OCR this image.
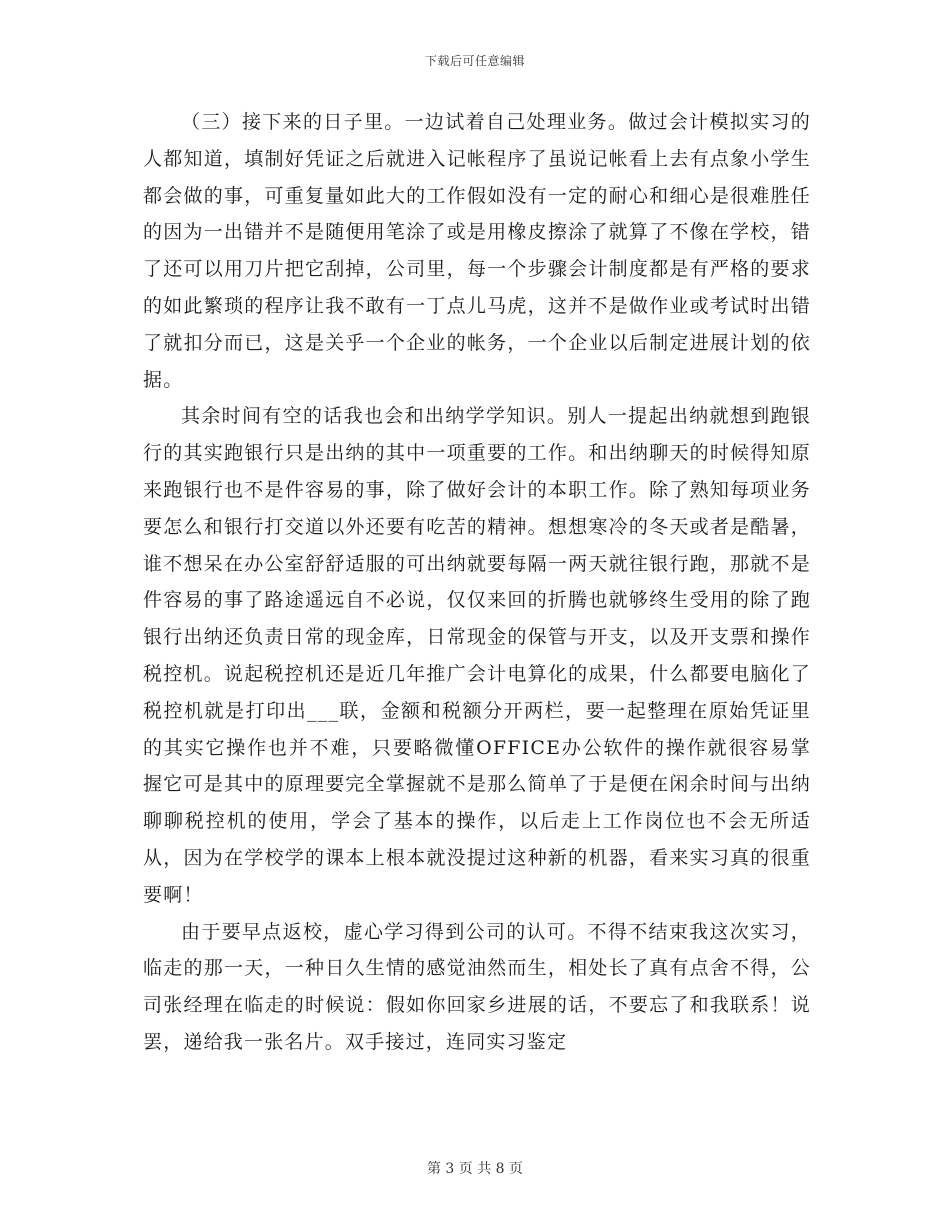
下载后可任意编辑

（三）接下来的日子里。一边试着自己处理业务。做过会计模拟实习的人都知道，填制好凭证之后就进入记帐程序了虽说记帐看上去有点象小学生都会做的事，可重复量如此大的工作假如没有一定的耐心和细心是很难胜任的因为一出错并不是随便用笔涂了或是用橡皮擦涂了就算了不像在学校，错了还可以用刀片把它刮掉，公司里，每一个步骤会计制度都是有严格的要求的如此繁琐的程序让我不敢有一丁点儿马虎，这并不是做作业或考试时出错了就扣分而已，这是关乎一个企业的帐务，一个企业以后制定进展计划的依据。

其余时间有空的话我也会和出纳学学知识。别人一提起出纳就想到跑银行的其实跑银行只是出纳的其中一项重要的工作。和出纳聊天的时候得知原来跑银行也不是件容易的事，除了做好会计的本职工作。除了熟知每项业务要怎么和银行打交道以外还要有吃苦的精神。想想寒冷的冬天或者是酷暑，谁不想呆在办公室舒舒适服的可出纳就要每隔一两天就往银行跑，那就不是件容易的事了路途遥远自不必说，仅仅来回的折腾也就够终生受用的除了跑银行出纳还负责日常的现金库，日常现金的保管与开支，以及开支票和操作税控机。说起税控机还是近几年推广会计电算化的成果，什么都要电脑化了税控机就是打印出___联，金额和税额分开两栏，要一起整理在原始凭证里的其实它操作也并不难，只要略微懂OFFICE办公软件的操作就很容易掌握它可是其中的原理要完全掌握就不是那么简单了于是便在闲余时间与出纳聊聊税控机的使用，学会了基本的操作，以后走上工作岗位也不会无所适从，因为在学校学的课本上根本就没提过这种新的机器，看来实习真的很重要啊！

由于要早点返校，虚心学习得到公司的认可。不得不结束我这次实习，临走的那一天，一种日久生情的感觉油然而生，相处长了真有点舍不得，公司张经理在临走的时候说：假如你回家乡进展的话，不要忘了和我联系！说罢，递给我一张名片。双手接过，连同实习鉴定

第 3 页 共 8 页
